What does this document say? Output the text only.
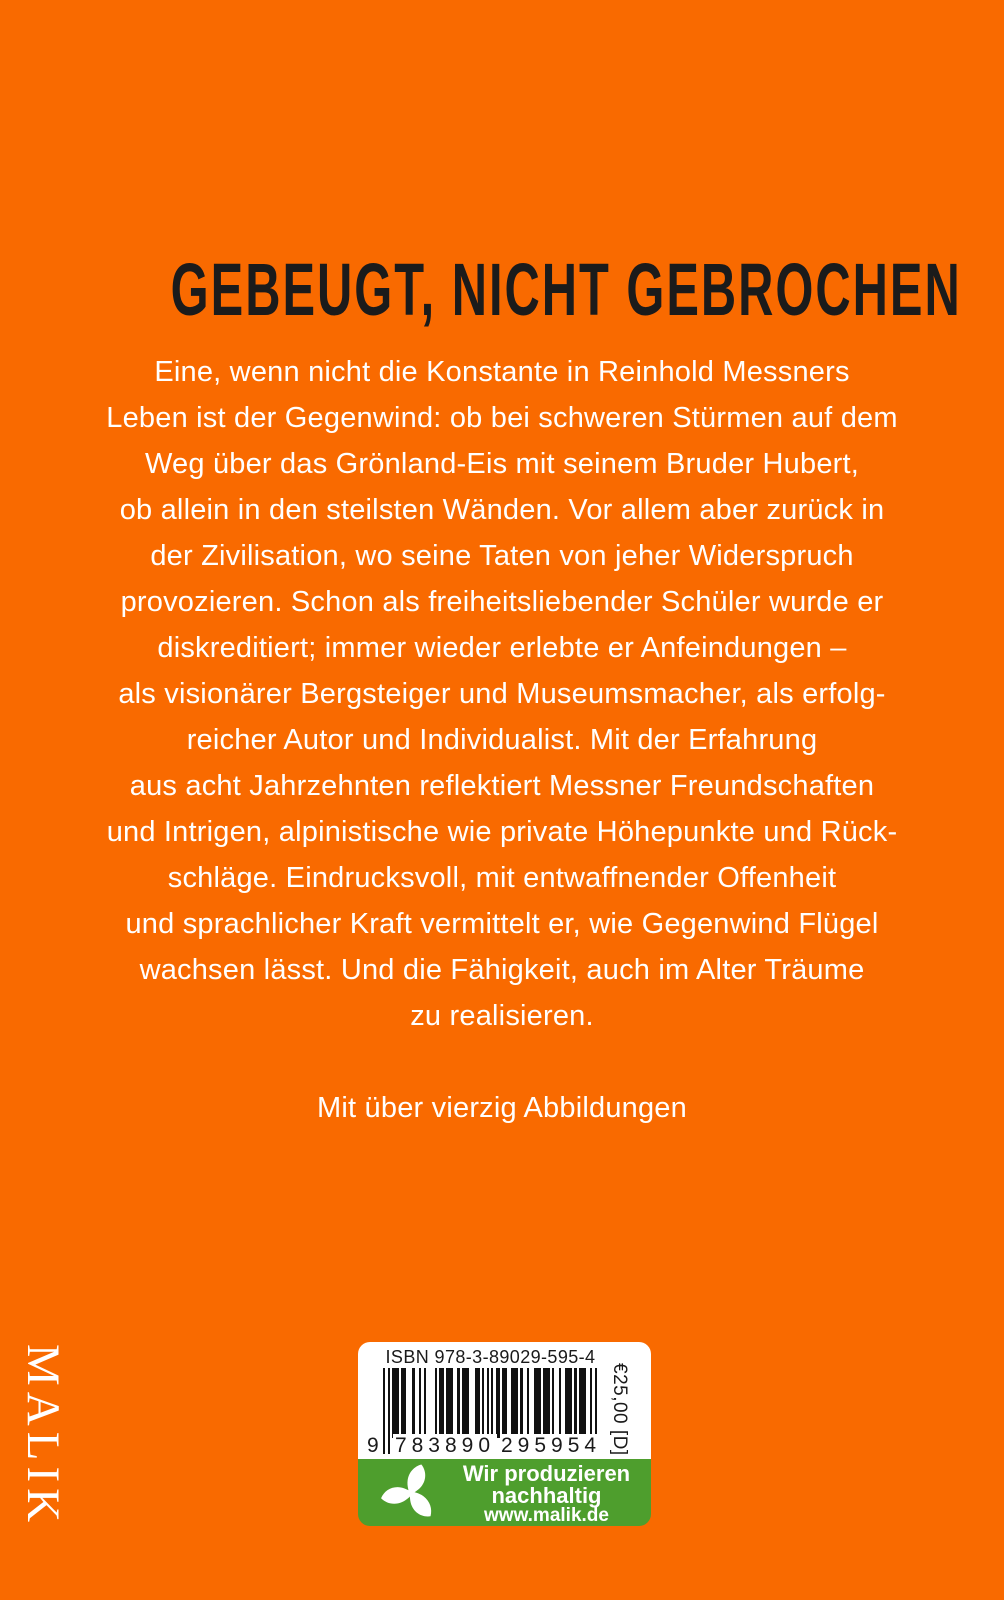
GEBEUGT, NICHT GEBROCHEN
Eine, wenn nicht die Konstante in Reinhold Messners
Leben ist der Gegenwind: ob bei schweren Stürmen auf dem
Weg über das Grönland-Eis mit seinem Bruder Hubert,
ob allein in den steilsten Wänden. Vor allem aber zurück in
der Zivilisation, wo seine Taten von jeher Widerspruch
provozieren. Schon als freiheitsliebender Schüler wurde er
diskreditiert; immer wieder erlebte er Anfeindungen –
als visionärer Bergsteiger und Museumsmacher, als erfolg-
reicher Autor und Individualist. Mit der Erfahrung
aus acht Jahrzehnten reflektiert Messner Freundschaften
und Intrigen, alpinistische wie private Höhepunkte und Rück-
schläge. Eindrucksvoll, mit entwaffnender Offenheit
und sprachlicher Kraft vermittelt er, wie Gegenwind Flügel
wachsen lässt. Und die Fähigkeit, auch im Alter Träume
zu realisieren.
Mit über vierzig Abbildungen
ISBN 978-3-89029-595-4
9 783890 295954 €25,00 [D]
Wir produzieren
nachhaltig
www.malik.de
MALIK
